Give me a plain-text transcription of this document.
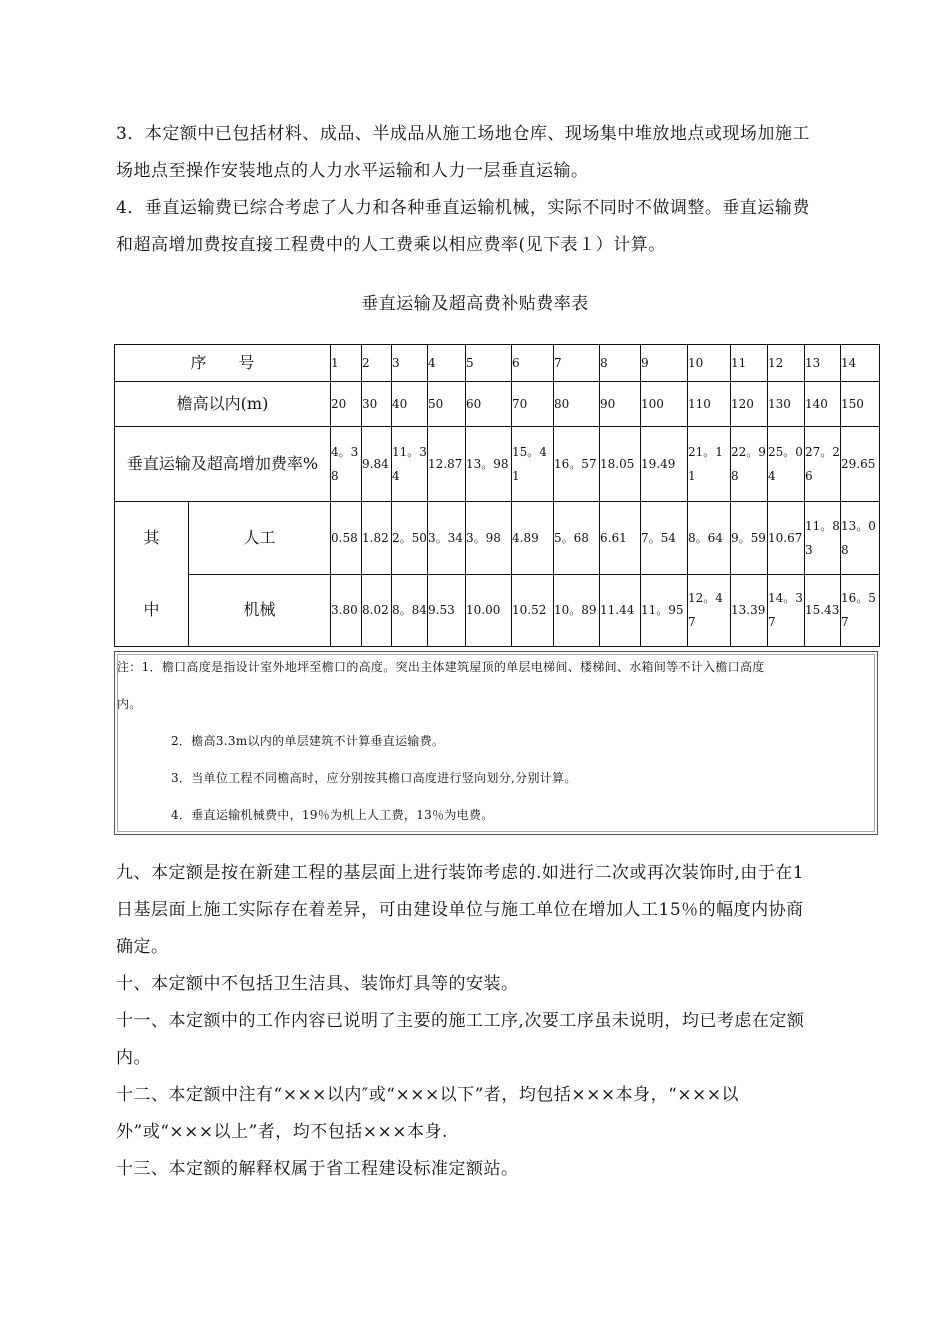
3．本定额中已包括材料、成品、半成品从施工场地仓库、现场集中堆放地点或现场加施工

场地点至操作安装地点的人力水平运输和人力一层垂直运输。

4．垂直运输费已综合考虑了人力和各种垂直运输机械，实际不同时不做调整。垂直运输费

和超高增加费按直接工程费中的人工费乘以相应费率(见下表１）计算。

垂直运输及超高费补贴费率表
序　　号		1	2	3	4	5	6	7	8	9	10	11	12	13	14
檐高以内(m)		20	30	40	50	60	70	80	90	100	110	120	130	140	150
垂直运输及超高增加费率%		4。38	9.84	11。34	12.87	13。98	15。41	16。57	18.05	19.49	21。11	22。98	25。04	27。26	29.65

其
中	人工	0.58	1.82	2。50	3。34	3。98	4.89	5。68	6.61	7。54	8。64	9。59	10.67	11。83	13。08
	机械	3.80	8.02	8。84	9.53	10.00	10.52	10。89	11.44	11。95	12。47	13.39	14。37	15.43	16。57
注：1．檐口高度是指设计室外地坪至檐口的高度。突出主体建筑屋顶的单层电梯间、楼梯间、水箱间等不计入檐口高度
内。
2．檐高3.3m以内的单层建筑不计算垂直运输费。
3．当单位工程不同檐高时，应分别按其檐口高度进行竖向划分,分别计算。
4．垂直运输机械费中，19％为机上人工费，13％为电费。

九、本定额是按在新建工程的基层面上进行装饰考虑的.如进行二次或再次装饰时,由于在1

日基层面上施工实际存在着差异，可由建设单位与施工单位在增加人工15％的幅度内协商

确定。

十、本定额中不包括卫生洁具、装饰灯具等的安装。

十一、本定额中的工作内容已说明了主要的施工工序,次要工序虽未说明，均已考虑在定额

内。

十二、本定额中注有“×××以内″或“×××以下”者，均包括×××本身，“×××以

外”或“×××以上”者，均不包括×××本身.

十三、本定额的解释权属于省工程建设标准定额站。
